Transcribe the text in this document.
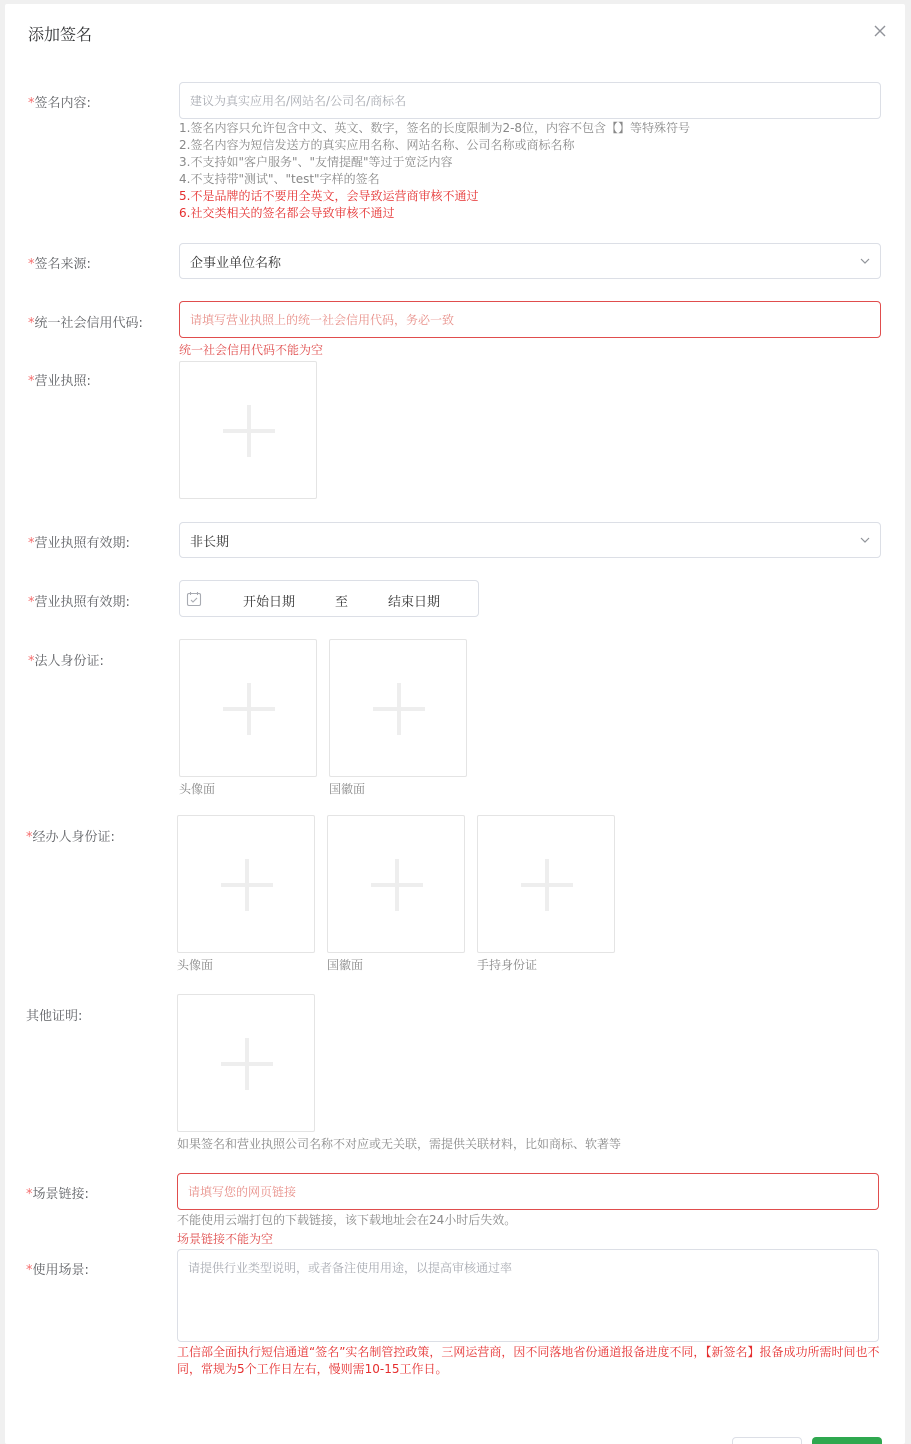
添加签名
*签名内容:	建议为真实应用名/网站名/公司名/商标名
1.签名内容只允许包含中文、英文、数字，签名的长度限制为2-8位，内容不包含【】等特殊符号
2.签名内容为短信发送方的真实应用名称、网站名称、公司名称或商标名称
3.不支持如"客户服务"、"友情提醒"等过于宽泛内容
4.不支持带"测试"、"test"字样的签名
5.不是品牌的话不要用全英文，会导致运营商审核不通过
6.社交类相关的签名都会导致审核不通过
*签名来源:	企事业单位名称
*统一社会信用代码:	请填写营业执照上的统一社会信用代码，务必一致
统一社会信用代码不能为空
*营业执照:
*营业执照有效期:	非长期
*营业执照有效期:	开始日期	至	结束日期
*法人身份证:
头像面	国徽面
*经办人身份证:
头像面	国徽面	手持身份证
其他证明:
如果签名和营业执照公司名称不对应或无关联，需提供关联材料，比如商标、软著等
*场景链接:	请填写您的网页链接
不能使用云端打包的下载链接，该下载地址会在24小时后失效。
场景链接不能为空
*使用场景:	请提供行业类型说明，或者备注使用用途，以提高审核通过率
工信部全面执行短信通道“签名”实名制管控政策，三网运营商，因不同落地省份通道报备进度不同，【新签名】报备成功所需时间也不同，常规为5个工作日左右，慢则需10-15工作日。
